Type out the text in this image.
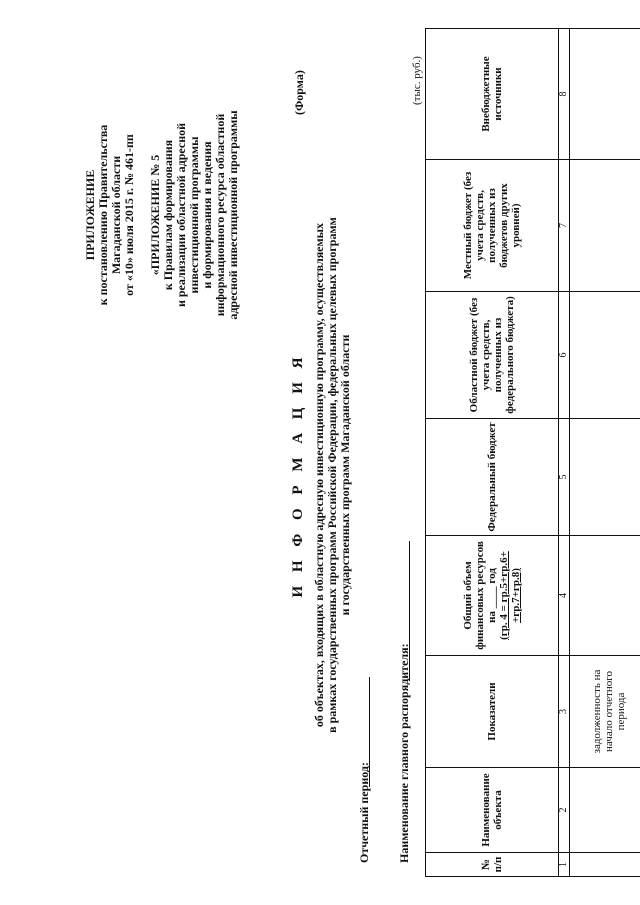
ПРИЛОЖЕНИЕ к постановлению Правительства Магаданской области от «10» июля 2015 г. № 461-пп
«ПРИЛОЖЕНИЕ № 5 к Правилам формирования и реализации областной адресной инвестиционной программы и формирования и ведения информационного ресурса областной адресной инвестиционной программы
(Форма)
И Н Ф О Р М А Ц И Я об объектах, входящих в областную адресную инвестиционную программу, осуществляемых в рамках государственных программ Российской Федерации, федеральных целевых программ и государственных программ Магаданской области
Отчетный период: Наименование главного распорядителя:
(тыс. руб.)
№ п/п	Наименование объекта	Показатели	Общий объем финансовых ресурсов на ____ год (гр. 4 = гр.5+гр.6+ +гр.7+гр.8)	Федеральный бюджет	Областной бюджет (без учета средств, полученных из федерального бюджета)	Местный бюджет (без учета средств, полученных из бюджетов других уровней)	Внебюджетные источники
1	2	3	4	5	6	7	8
		задолженность на начало отчетного периода					
